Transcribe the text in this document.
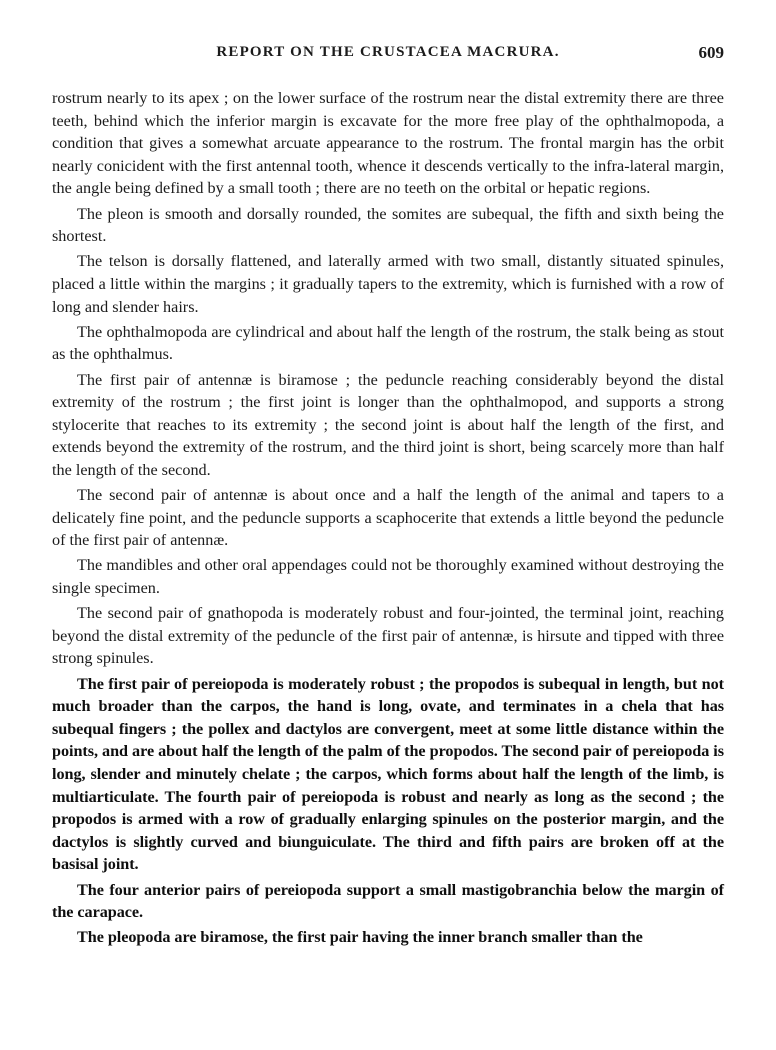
REPORT ON THE CRUSTACEA MACRURA.	609

rostrum nearly to its apex ; on the lower surface of the rostrum near the distal extremity there are three teeth, behind which the inferior margin is excavate for the more free play of the ophthalmopoda, a condition that gives a somewhat arcuate appearance to the rostrum. The frontal margin has the orbit nearly conicident with the first antennal tooth, whence it descends vertically to the infra-lateral margin, the angle being defined by a small tooth ; there are no teeth on the orbital or hepatic regions.

The pleon is smooth and dorsally rounded, the somites are subequal, the fifth and sixth being the shortest.

The telson is dorsally flattened, and laterally armed with two small, distantly situated spinules, placed a little within the margins ; it gradually tapers to the extremity, which is furnished with a row of long and slender hairs.

The ophthalmopoda are cylindrical and about half the length of the rostrum, the stalk being as stout as the ophthalmus.

The first pair of antennæ is biramose ; the peduncle reaching considerably beyond the distal extremity of the rostrum ; the first joint is longer than the ophthalmopod, and supports a strong stylocerite that reaches to its extremity ; the second joint is about half the length of the first, and extends beyond the extremity of the rostrum, and the third joint is short, being scarcely more than half the length of the second.

The second pair of antennæ is about once and a half the length of the animal and tapers to a delicately fine point, and the peduncle supports a scaphocerite that extends a little beyond the peduncle of the first pair of antennæ.

The mandibles and other oral appendages could not be thoroughly examined without destroying the single specimen.

The second pair of gnathopoda is moderately robust and four-jointed, the terminal joint, reaching beyond the distal extremity of the peduncle of the first pair of antennæ, is hirsute and tipped with three strong spinules.

The first pair of pereiopoda is moderately robust ; the propodos is subequal in length, but not much broader than the carpos, the hand is long, ovate, and terminates in a chela that has subequal fingers ; the pollex and dactylos are convergent, meet at some little distance within the points, and are about half the length of the palm of the propodos. The second pair of pereiopoda is long, slender and minutely chelate ; the carpos, which forms about half the length of the limb, is multiarticulate. The fourth pair of pereiopoda is robust and nearly as long as the second ; the propodos is armed with a row of gradually enlarging spinules on the posterior margin, and the dactylos is slightly curved and biunguiculate. The third and fifth pairs are broken off at the basisal joint.

The four anterior pairs of pereiopoda support a small mastigobranchia below the margin of the carapace.

The pleopoda are biramose, the first pair having the inner branch smaller than the
